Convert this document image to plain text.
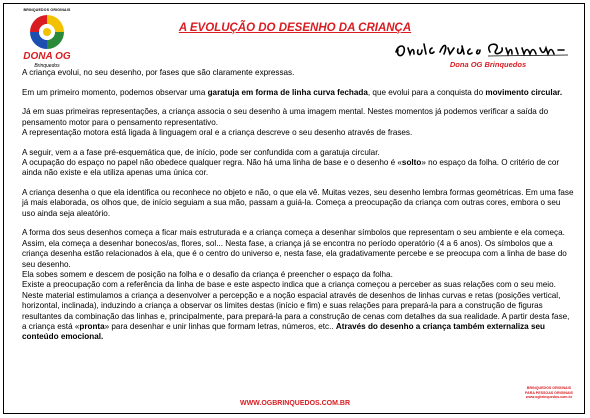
BRINQUEDOS ORIGINAIS
DONA OG
Brinquedos
A EVOLUÇÃO DO DESENHO DA CRIANÇA
Dona OG Brinquedos

A criança evolui, no seu desenho, por fases que são claramente expressas.

Em um primeiro momento, podemos observar uma garatuja em forma de linha curva fechada, que evolui para a conquista do movimento circular.

Já em suas primeiras representações, a criança associa o seu desenho à uma imagem mental. Nestes momentos já podemos verificar a saída do pensamento motor para o pensamento representativo.
A representação motora está ligada à linguagem oral e a criança descreve o seu desenho através de frases.

A seguir, vem a a fase pré-esquemática que, de início, pode ser confundida com a garatuja circular.
A ocupação do espaço no papel não obedece qualquer regra. Não há uma linha de base e o desenho é «solto» no espaço da folha. O critério de cor ainda não existe e ela utiliza apenas uma única cor.

A criança desenha o que ela identifica ou reconhece no objeto e não, o que ela vê. Muitas vezes, seu desenho lembra formas geométricas. Em uma fase já mais elaborada, os olhos que, de início seguiam a sua mão, passam a guiá-la. Começa a preocupação da criança com outras cores, embora o seu uso ainda seja aleatório.

A forma dos seus desenhos começa a ficar mais estruturada e a criança começa a desenhar símbolos que representam o seu ambiente e ela começa. Assim, ela começa a desenhar bonecos/as, flores, sol... Nesta fase, a criança já se encontra no período operatório (4 a 6 anos). Os símbolos que a criança desenha estão relacionados à ela, que é o centro do universo e, nesta fase, ela gradativamente percebe e se preocupa com a linha de base do seu desenho.
Ela sobes somem e descem de posição na folha e o desafio da criança é preencher o espaço da folha.
Existe a preocupação com a referência da linha de base e este aspecto indica que a criança começou a perceber as suas relações com o seu meio.
Neste material estimulamos a criança a desenvolver a percepção e a noção espacial através de desenhos de linhas curvas e retas (posições vertical, horizontal, inclinada), induzindo a criança a observar os limites destas (início e fim) e suas relações para prepará-la para a construção de figuras resultantes da combinação das linhas e, principalmente, para prepará-la para a construção de cenas com detalhes da sua realidade. A partir desta fase, a criança está «pronta» para desenhar e unir linhas que formam letras, números, etc.. Através do desenho a criança também externaliza seu conteúdo emocional.

WWW.OGBRINQUEDOS.COM.BR
BRINQUEDOS ORIGINAIS
PARA PESSOAS ORIGINAIS
www.ogbrinquedos.com.br
